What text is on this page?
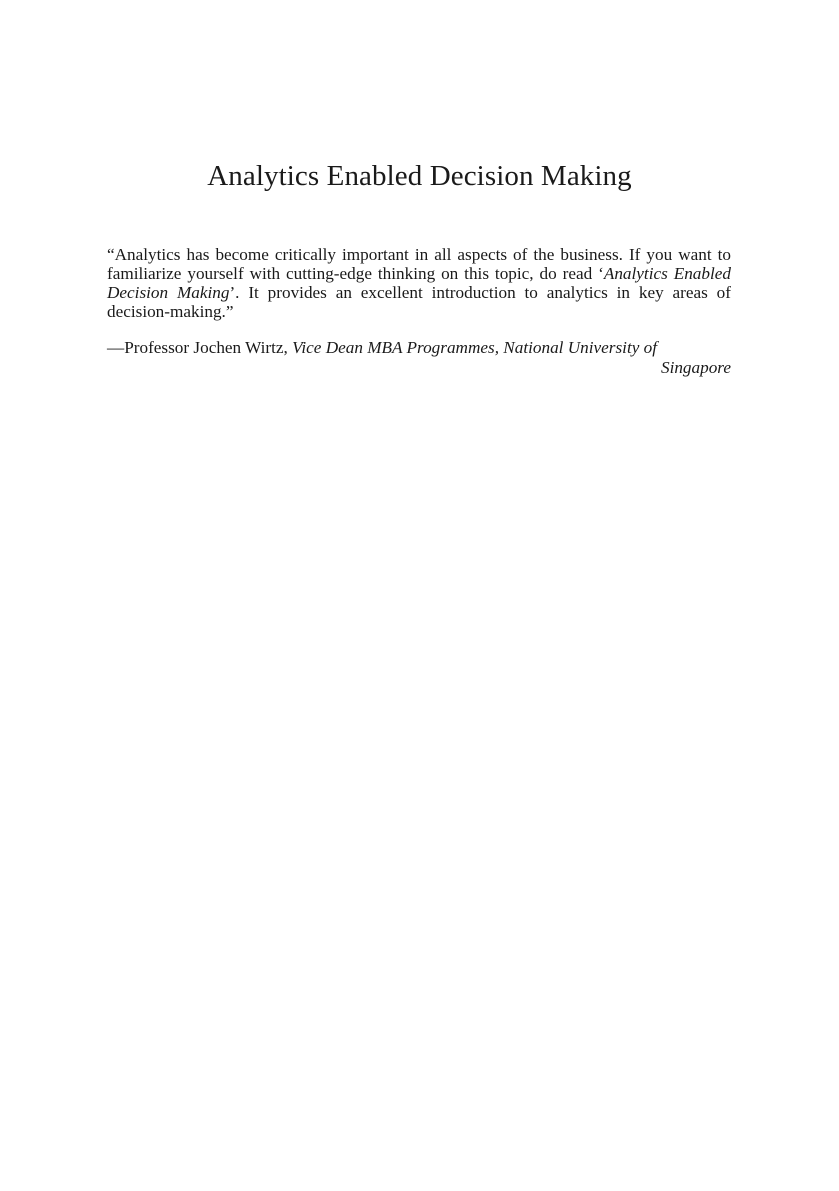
Analytics Enabled Decision Making

“Analytics has become critically important in all aspects of the business. If you want to familiarize yourself with cutting-edge thinking on this topic, do read ‘Analytics Enabled Decision Making’. It provides an excellent introduction to analytics in key areas of decision-making.”

—Professor Jochen Wirtz, Vice Dean MBA Programmes, National University of
Singapore
